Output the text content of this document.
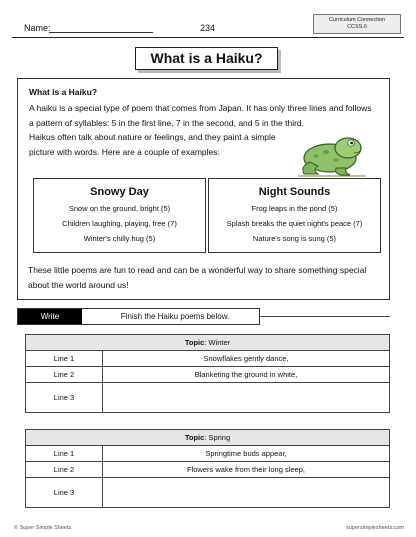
Name:	234
Curriculum Connection
CCSS.6
What is a Haiku?
What is a Haiku?
A haiku is a special type of poem that comes from Japan. It has only three lines and follows a pattern of syllables: 5 in the first line, 7 in the second, and 5 in the third.
Haikus often talk about nature or feelings, and they paint a simple picture with words. Here are a couple of examples:
Snowy Day
Snow on the ground, bright (5)
Children laughing, playing, free (7)
Winter's chilly hug (5)
Night Sounds
Frog leaps in the pond (5)
Splash breaks the quiet night's peace (7)
Nature's song is sung (5)
These little poems are fun to read and can be a wonderful way to share something special about the world around us!
Write	Finish the Haiku poems below.
Topic: Winter	
Line 1	Snowflakes gently dance,
Line 2	Blanketing the ground in white,
Line 3	
Topic: Spring	
Line 1	Springtime buds appear,
Line 2	Flowers wake from their long sleep,
Line 3	
© Super Simple Sheets	supersimplesheets.com
